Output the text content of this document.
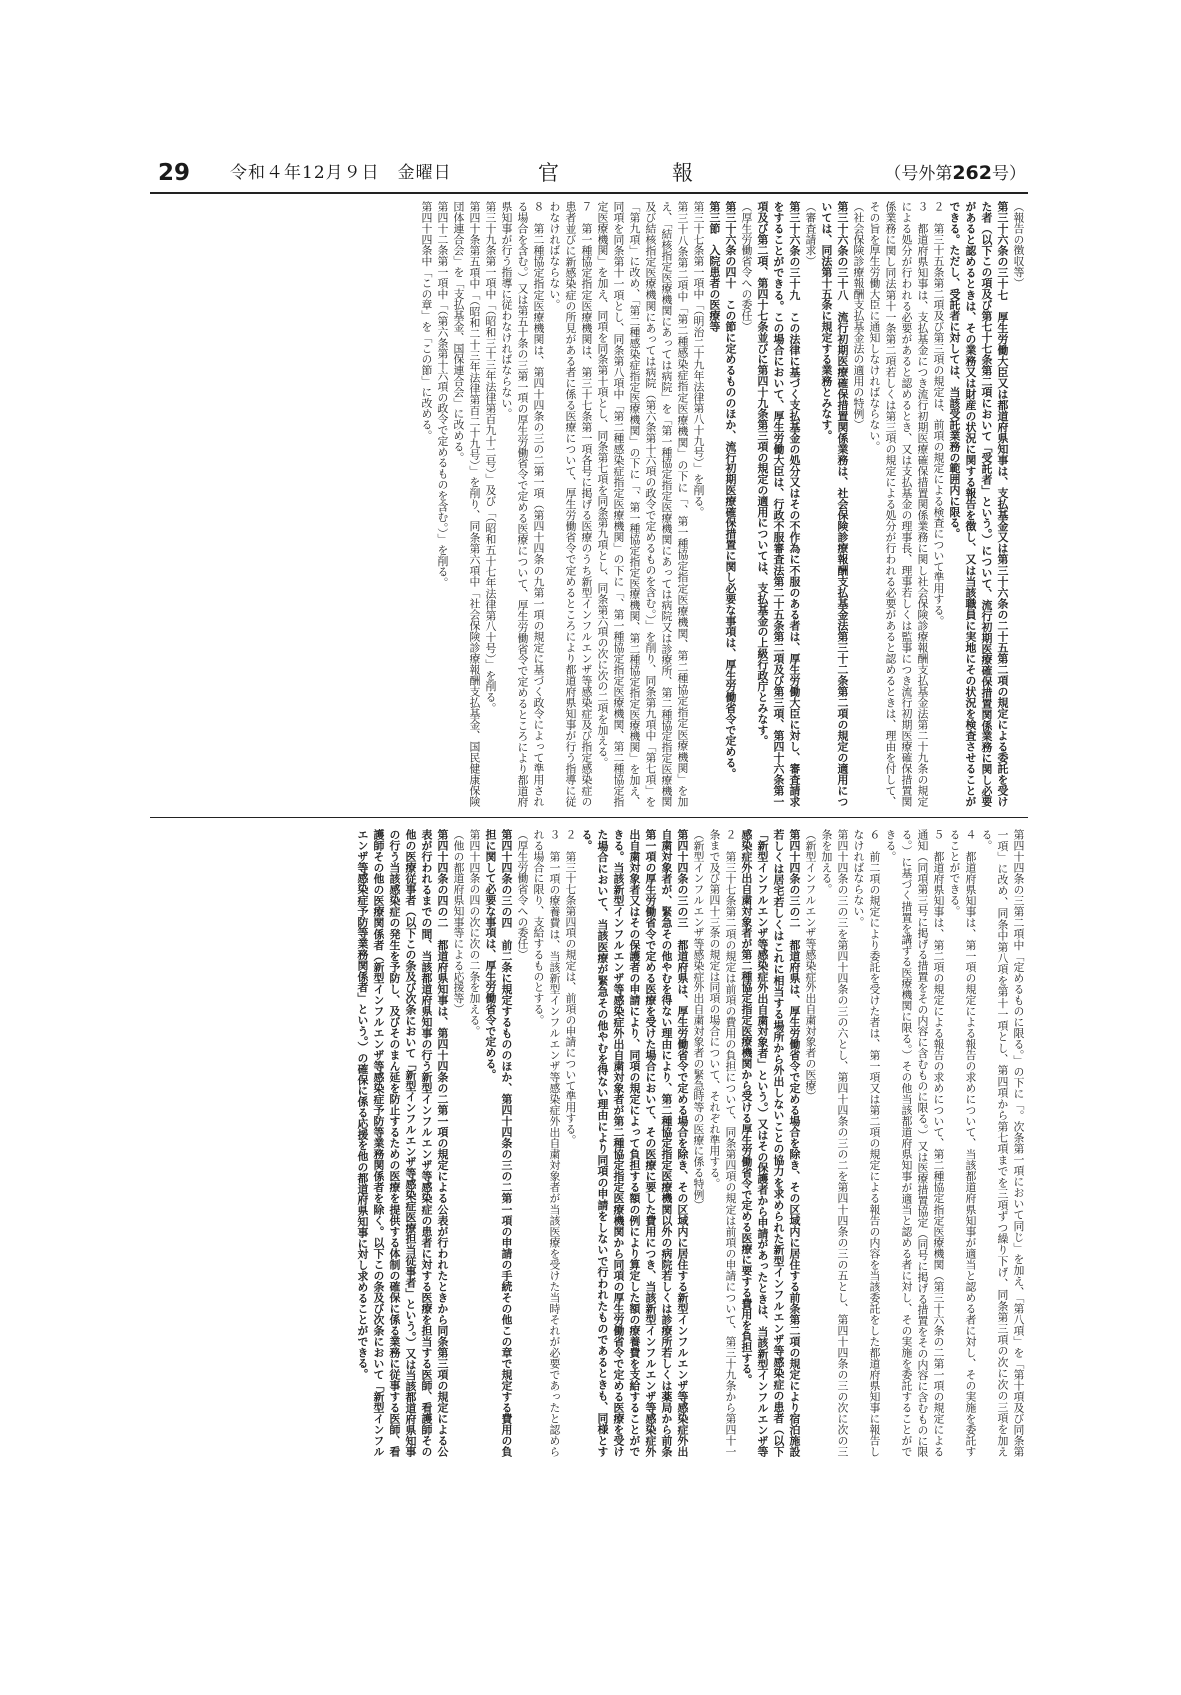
29 令和４年12月９日　金曜日	官　報	（号外第262号）

（報告の徴収等）

第三十六条の三十七　厚生労働大臣又は都道府県知事は、支払基金又は第三十六条の二十五第二項の規定による委託を受けた者（以下この項及び第七十七条第二項において「受託者」という。）について、流行初期医療確保措置関係業務に関し必要があると認めるときは、その業務又は財産の状況に関する報告を徴し、又は当該職員に実地にその状況を検査させることができる。ただし、受託者に対しては、当該受託業務の範囲内に限る。

２　第三十五条第二項及び第三項の規定は、前項の規定による検査について準用する。

３　都道府県知事は、支払基金につき流行初期医療確保措置関係業務に関し社会保険診療報酬支払基金法第二十九条の規定による処分が行われる必要があると認めるとき、又は支払基金の理事長、理事若しくは監事につき流行初期医療確保措置関係業務に関し同法第十一条第二項若しくは第三項の規定による処分が行われる必要があると認めるときは、理由を付して、その旨を厚生労働大臣に通知しなければならない。

（社会保険診療報酬支払基金法の適用の特例）

第三十六条の三十八　流行初期医療確保措置関係業務は、社会保険診療報酬支払基金法第三十二条第二項の規定の適用については、同法第十五条に規定する業務とみなす。

（審査請求）

第三十六条の三十九　この法律に基づく支払基金の処分又はその不作為に不服のある者は、厚生労働大臣に対し、審査請求をすることができる。この場合において、厚生労働大臣は、行政不服審査法第二十五条第二項及び第三項、第四十六条第一項及び第二項、第四十七条並びに第四十九条第三項の規定の適用については、支払基金の上級行政庁とみなす。

（厚生労働省令への委任）

第三十六条の四十　この節に定めるもののほか、流行初期医療確保措置に関し必要な事項は、厚生労働省令で定める。

第三節　入院患者の医療等

第三十七条第一項中「（明治二十九年法律第八十九号）」を削る。

第三十八条第二項中「第二種感染症指定医療機関」の下に「、第一種協定指定医療機関、第二種協定指定医療機関」を加え、「結核指定医療機関にあっては病院」を「第一種協定指定医療機関にあっては病院又は診療所、第二種協定指定医療機関及び結核指定医療機関にあっては病院（第六条第十六項の政令で定めるものを含む。）」を削り、同条第九項中「第七項」を「第九項」に改め、「第二種感染症指定医療機関」の下に「、第一種協定指定医療機関、第二種協定指定医療機関」を加え、同項を同条第十一項とし、同条第八項中「第二種感染症指定医療機関」の下に「、第一種協定指定医療機関、第二種協定指定医療機関」を加え、同項を同条第十項とし、同条第七項を同条第九項とし、同条第六項の次に次の二項を加える。

７　第一種協定指定医療機関は、第三十七条第一項各号に掲げる医療のうち新型インフルエンザ等感染症及び指定感染症の患者並びに新感染症の所見がある者に係る医療について、厚生労働省令で定めるところにより都道府県知事が行う指導に従わなければならない。

８　第二種協定指定医療機関は、第四十四条の三の二第一項（第四十四条の九第一項の規定に基づく政令によって準用される場合を含む。）又は第五十条の三第一項の厚生労働省令で定める医療について、厚生労働省令で定めるところにより都道府県知事が行う指導に従わなければならない。

第三十九条第一項中「（昭和三十三年法律第百九十二号）」及び「（昭和五十七年法律第八十号）」を削る。

第四十条第五項中「（昭和二十三年法律第百二十九号）」を削り、同条第六項中「社会保険診療報酬支払基金、国民健康保険団体連合会」を「支払基金、国保連合会」に改める。

第四十二条第一項中「（第六条第十六項の政令で定めるものを含む。）」を削る。

第四十四条中「この章」を「この節」に改める。

第四十四条の三第二項中「定めるものに限る。」の下に「。次条第一項において同じ」を加え、「第八項」を「第十項及び同条第一項」に改め、同条中第八項を第十一項とし、第四項から第七項までを三項ずつ繰り下げ、同条第三項の次に次の三項を加える。

４　都道府県知事は、第一項の規定による報告の求めについて、当該都道府県知事が適当と認める者に対し、その実施を委託することができる。

５　都道府県知事は、第二項の規定による報告の求めについて、第二種協定指定医療機関（第三十六条の二第一項の規定による通知（同項第三号に掲げる措置をその内容に含むものに限る。）又は医療措置協定（同号に掲げる措置をその内容に含むものに限る。）に基づく措置を講ずる医療機関に限る。）その他当該都道府県知事が適当と認める者に対し、その実施を委託することができる。

６　前二項の規定により委託を受けた者は、第一項又は第二項の規定による報告の内容を当該委託をした都道府県知事に報告しなければならない。

第四十四条の三の三を第四十四条の三の六とし、第四十四条の三の二を第四十四条の三の五とし、第四十四条の三の次に次の三条を加える。

（新型インフルエンザ等感染症外出自粛対象者の医療）

第四十四条の三の二　都道府県は、厚生労働省令で定める場合を除き、その区域内に居住する前条第二項の規定により宿泊施設若しくは居宅若しくはこれに相当する場所から外出しないことの協力を求められた新型インフルエンザ等感染症の患者（以下「新型インフルエンザ等感染症外出自粛対象者」という。）又はその保護者から申請があったときは、当該新型インフルエンザ等感染症外出自粛対象者が第二種協定指定医療機関から受ける厚生労働省令で定める医療に要する費用を負担する。

２　第三十七条第二項の規定は前項の費用の負担について、同条第四項の規定は前項の申請について、第三十九条から第四十一条まで及び第四十三条の規定は同項の場合について、それぞれ準用する。

（新型インフルエンザ等感染症外出自粛対象者の緊急時等の医療に係る特例）

第四十四条の三の三　都道府県は、厚生労働省令で定める場合を除き、その区域内に居住する新型インフルエンザ等感染症外出自粛対象者が、緊急その他やむを得ない理由により、第二種協定指定医療機関以外の病院若しくは診療所若しくは薬局から前条第一項の厚生労働省令で定める医療を受けた場合において、その医療に要した費用につき、当該新型インフルエンザ等感染症外出自粛対象者又はその保護者の申請により、同項の規定によって負担する額の例により算定した額の療養費を支給することができる。当該新型インフルエンザ等感染症外出自粛対象者が第二種協定指定医療機関から同項の厚生労働省令で定める医療を受けた場合において、当該医療が緊急その他やむを得ない理由により同項の申請をしないで行われたものであるときも、同様とする。

２　第三十七条第四項の規定は、前項の申請について準用する。

３　第一項の療養費は、当該新型インフルエンザ等感染症外出自粛対象者が当該医療を受けた当時それが必要であったと認められる場合に限り、支給するものとする。

（厚生労働省令への委任）

第四十四条の三の四　前二条に規定するもののほか、第四十四条の三の二第一項の申請の手続その他この章で規定する費用の負担に関して必要な事項は、厚生労働省令で定める。

第四十四条の四の次に次の二条を加える。

（他の都道府県知事等による応援等）

第四十四条の四の二　都道府県知事は、第四十四条の二第一項の規定による公表が行われたときから同条第三項の規定による公表が行われるまでの間、当該都道府県知事の行う新型インフルエンザ等感染症の患者に対する医療を担当する医師、看護師その他の医療従事者（以下この条及び次条において「新型インフルエンザ等感染症医療担当従事者」という。）又は当該都道府県知事の行う当該感染症の発生を予防し、及びそのまん延を防止するための医療を提供する体制の確保に係る業務に従事する医師、看護師その他の医療関係者（新型インフルエンザ等感染症予防等業務関係者を除く。以下この条及び次条において「新型インフルエンザ等感染症予防等業務関係者」という。）の確保に係る応援を他の都道府県知事に対し求めることができる。
